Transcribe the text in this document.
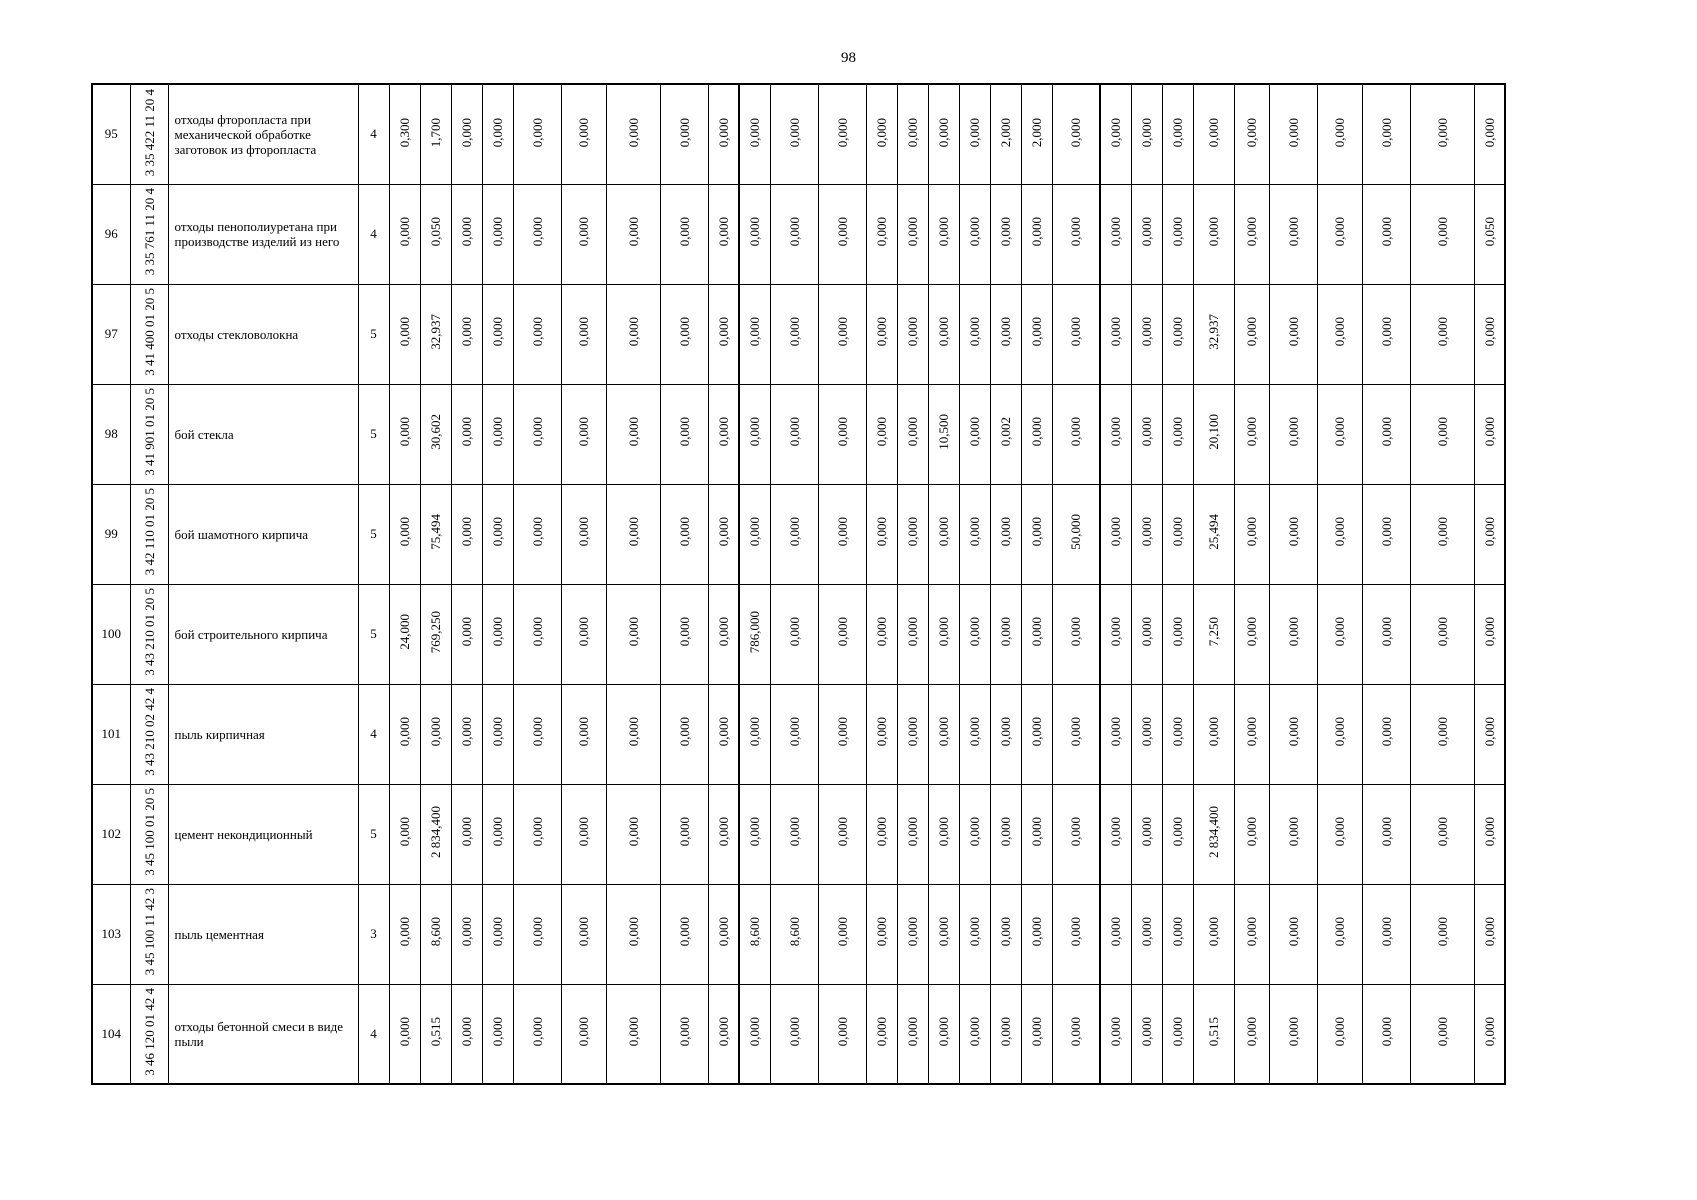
98
95	3 35 422 11 20 4	отходы фторопласта при механической обработке заготовок из фторопласта	4	0,300	1,700	0,000	0,000	0,000	0,000	0,000	0,000	0,000	0,000	0,000	0,000	0,000	0,000	0,000	0,000	2,000	2,000	0,000	0,000	0,000	0,000	0,000	0,000	0,000	0,000	0,000	0,000	0,000
96	3 35 761 11 20 4	отходы пенополиуретана при производстве изделий из него	4	0,000	0,050	0,000	0,000	0,000	0,000	0,000	0,000	0,000	0,000	0,000	0,000	0,000	0,000	0,000	0,000	0,000	0,000	0,000	0,000	0,000	0,000	0,000	0,000	0,000	0,000	0,000	0,000	0,050
97	3 41 400 01 20 5	отходы стекловолокна	5	0,000	32,937	0,000	0,000	0,000	0,000	0,000	0,000	0,000	0,000	0,000	0,000	0,000	0,000	0,000	0,000	0,000	0,000	0,000	0,000	0,000	0,000	32,937	0,000	0,000	0,000	0,000	0,000	0,000
98	3 41 901 01 20 5	бой стекла	5	0,000	30,602	0,000	0,000	0,000	0,000	0,000	0,000	0,000	0,000	0,000	0,000	0,000	0,000	10,500	0,000	0,002	0,000	0,000	0,000	0,000	0,000	20,100	0,000	0,000	0,000	0,000	0,000	0,000
99	3 42 110 01 20 5	бой шамотного кирпича	5	0,000	75,494	0,000	0,000	0,000	0,000	0,000	0,000	0,000	0,000	0,000	0,000	0,000	0,000	0,000	0,000	0,000	0,000	50,000	0,000	0,000	0,000	25,494	0,000	0,000	0,000	0,000	0,000	0,000
100	3 43 210 01 20 5	бой строительного кирпича	5	24,000	769,250	0,000	0,000	0,000	0,000	0,000	0,000	0,000	786,000	0,000	0,000	0,000	0,000	0,000	0,000	0,000	0,000	0,000	0,000	0,000	0,000	7,250	0,000	0,000	0,000	0,000	0,000	0,000
101	3 43 210 02 42 4	пыль кирпичная	4	0,000	0,000	0,000	0,000	0,000	0,000	0,000	0,000	0,000	0,000	0,000	0,000	0,000	0,000	0,000	0,000	0,000	0,000	0,000	0,000	0,000	0,000	0,000	0,000	0,000	0,000	0,000	0,000	0,000
102	3 45 100 01 20 5	цемент некондиционный	5	0,000	2 834,400	0,000	0,000	0,000	0,000	0,000	0,000	0,000	0,000	0,000	0,000	0,000	0,000	0,000	0,000	0,000	0,000	0,000	0,000	0,000	0,000	2 834,400	0,000	0,000	0,000	0,000	0,000	0,000
103	3 45 100 11 42 3	пыль цементная	3	0,000	8,600	0,000	0,000	0,000	0,000	0,000	0,000	0,000	8,600	8,600	0,000	0,000	0,000	0,000	0,000	0,000	0,000	0,000	0,000	0,000	0,000	0,000	0,000	0,000	0,000	0,000	0,000	0,000
104	3 46 120 01 42 4	отходы бетонной смеси в виде пыли	4	0,000	0,515	0,000	0,000	0,000	0,000	0,000	0,000	0,000	0,000	0,000	0,000	0,000	0,000	0,000	0,000	0,000	0,000	0,000	0,000	0,000	0,000	0,515	0,000	0,000	0,000	0,000	0,000	0,000
